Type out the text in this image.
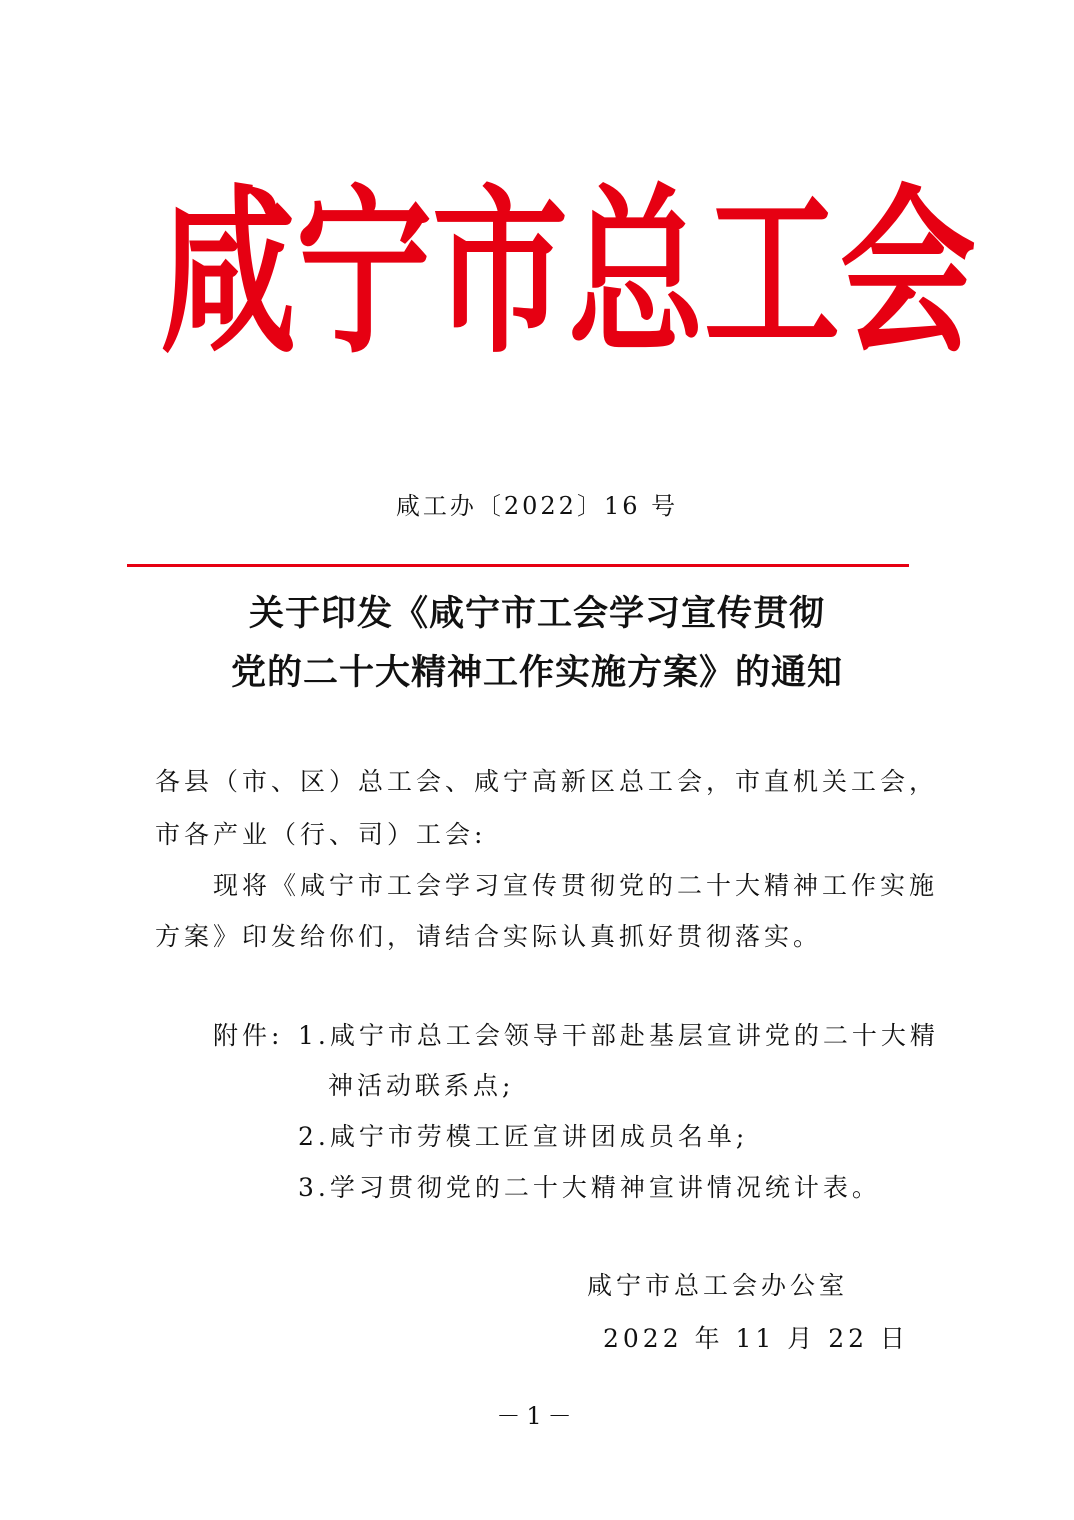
咸 宁 市 总 工 会
咸工办〔2022〕16 号
关于印发《咸宁市工会学习宣传贯彻
党的二十大精神工作实施方案》的通知
各县（市、区）总工会、咸宁高新区总工会，市直机关工会，
市各产业（行、司）工会:
现将《咸宁市工会学习宣传贯彻党的二十大精神工作实施
方案》印发给你们，请结合实际认真抓好贯彻落实。
附件: 1.咸宁市总工会领导干部赴基层宣讲党的二十大精
神活动联系点;
2.咸宁市劳模工匠宣讲团成员名单;
3.学习贯彻党的二十大精神宣讲情况统计表。
咸宁市总工会办公室
2022 年 11 月 22 日
－1－
